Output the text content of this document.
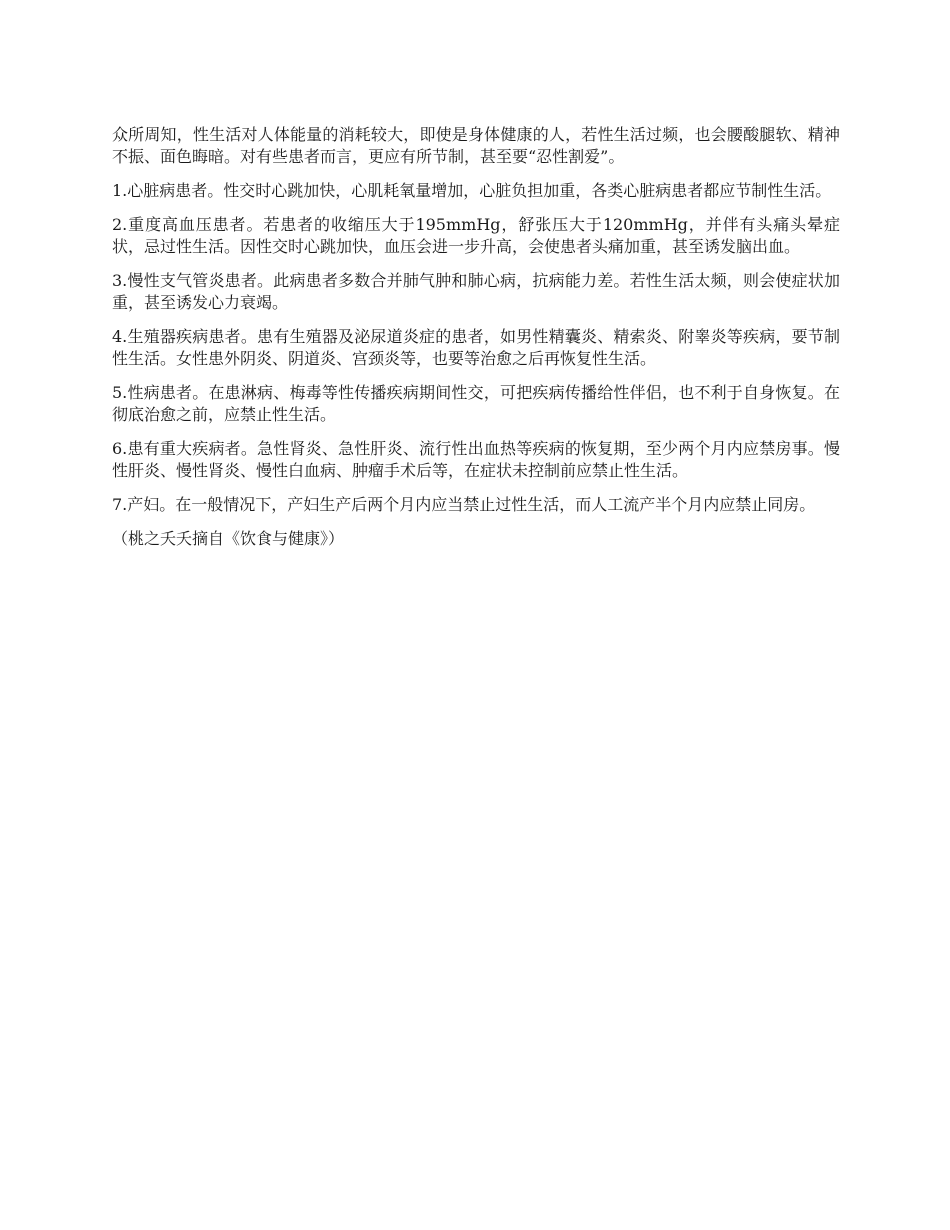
众所周知，性生活对人体能量的消耗较大，即使是身体健康的人，若性生活过频，也会腰酸腿软、精神不振、面色晦暗。对有些患者而言，更应有所节制，甚至要“忍性割爱”。

1.心脏病患者。性交时心跳加快，心肌耗氧量增加，心脏负担加重，各类心脏病患者都应节制性生活。

2.重度高血压患者。若患者的收缩压大于195mmHg，舒张压大于120mmHg，并伴有头痛头晕症状，忌过性生活。因性交时心跳加快，血压会进一步升高，会使患者头痛加重，甚至诱发脑出血。

3.慢性支气管炎患者。此病患者多数合并肺气肿和肺心病，抗病能力差。若性生活太频，则会使症状加重，甚至诱发心力衰竭。

4.生殖器疾病患者。患有生殖器及泌尿道炎症的患者，如男性精囊炎、精索炎、附睾炎等疾病，要节制性生活。女性患外阴炎、阴道炎、宫颈炎等，也要等治愈之后再恢复性生活。

5.性病患者。在患淋病、梅毒等性传播疾病期间性交，可把疾病传播给性伴侣，也不利于自身恢复。在彻底治愈之前，应禁止性生活。

6.患有重大疾病者。急性肾炎、急性肝炎、流行性出血热等疾病的恢复期，至少两个月内应禁房事。慢性肝炎、慢性肾炎、慢性白血病、肿瘤手术后等，在症状未控制前应禁止性生活。

7.产妇。在一般情况下，产妇生产后两个月内应当禁止过性生活，而人工流产半个月内应禁止同房。

（桃之夭夭摘自《饮食与健康》）
